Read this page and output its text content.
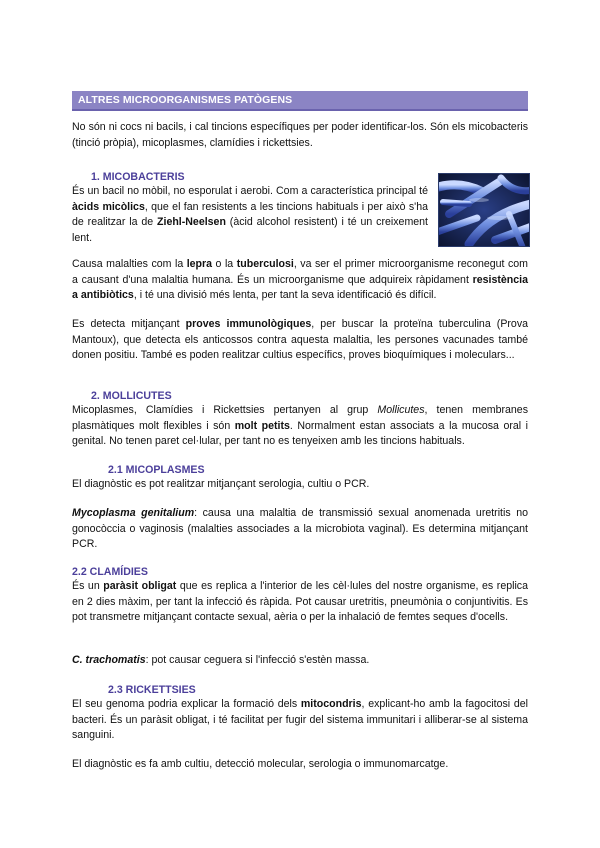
ALTRES MICROORGANISMES PATÒGENS

No són ni cocs ni bacils, i cal tincions específiques per poder identificar-los. Són els micobacteris (tinció pròpia), micoplasmes, clamídies i rickettsies.

1. MICOBACTERIS

És un bacil no mòbil, no esporulat i aerobi. Com a característica principal té àcids micòlics, que el fan resistents a les tincions habituals i per això s'ha de realitzar la de Ziehl-Neelsen (àcid alcohol resistent) i té un creixement lent.

Causa malalties com la lepra o la tuberculosi, va ser el primer microorganisme reconegut com a causant d'una malaltia humana. És un microorganisme que adquireix ràpidament resistència a antibiòtics, i té una divisió més lenta, per tant la seva identificació és difícil.

Es detecta mitjançant proves immunològiques, per buscar la proteïna tuberculina (Prova Mantoux), que detecta els anticossos contra aquesta malaltia, les persones vacunades també donen positiu. També es poden realitzar cultius específics, proves bioquímiques i moleculars...

2. MOLLICUTES

Micoplasmes, Clamídies i Rickettsies pertanyen al grup Mollicutes, tenen membranes plasmàtiques molt flexibles i són molt petits. Normalment estan associats a la mucosa oral i genital. No tenen paret cel·lular, per tant no es tenyeixen amb les tincions habituals.

2.1 MICOPLASMES

El diagnòstic es pot realitzar mitjançant serologia, cultiu o PCR.

Mycoplasma genitalium: causa una malaltia de transmissió sexual anomenada uretritis no gonocòccia o vaginosis (malalties associades a la microbiota vaginal). Es determina mitjançant PCR.

2.2 CLAMÍDIES

És un paràsit obligat que es replica a l'interior de les cèl·lules del nostre organisme, es replica en 2 dies màxim, per tant la infecció és ràpida. Pot causar uretritis, pneumònia o conjuntivitis. Es pot transmetre mitjançant contacte sexual, aèria o per la inhalació de femtes seques d'ocells.

C. trachomatis: pot causar ceguera si l'infecció s'estèn massa.

2.3 RICKETTSIES

El seu genoma podria explicar la formació dels mitocondris, explicant-ho amb la fagocitosi del bacteri. És un paràsit obligat, i té facilitat per fugir del sistema immunitari i alliberar-se al sistema sanguini.

El diagnòstic es fa amb cultiu, detecció molecular, serologia o immunomarcatge.
